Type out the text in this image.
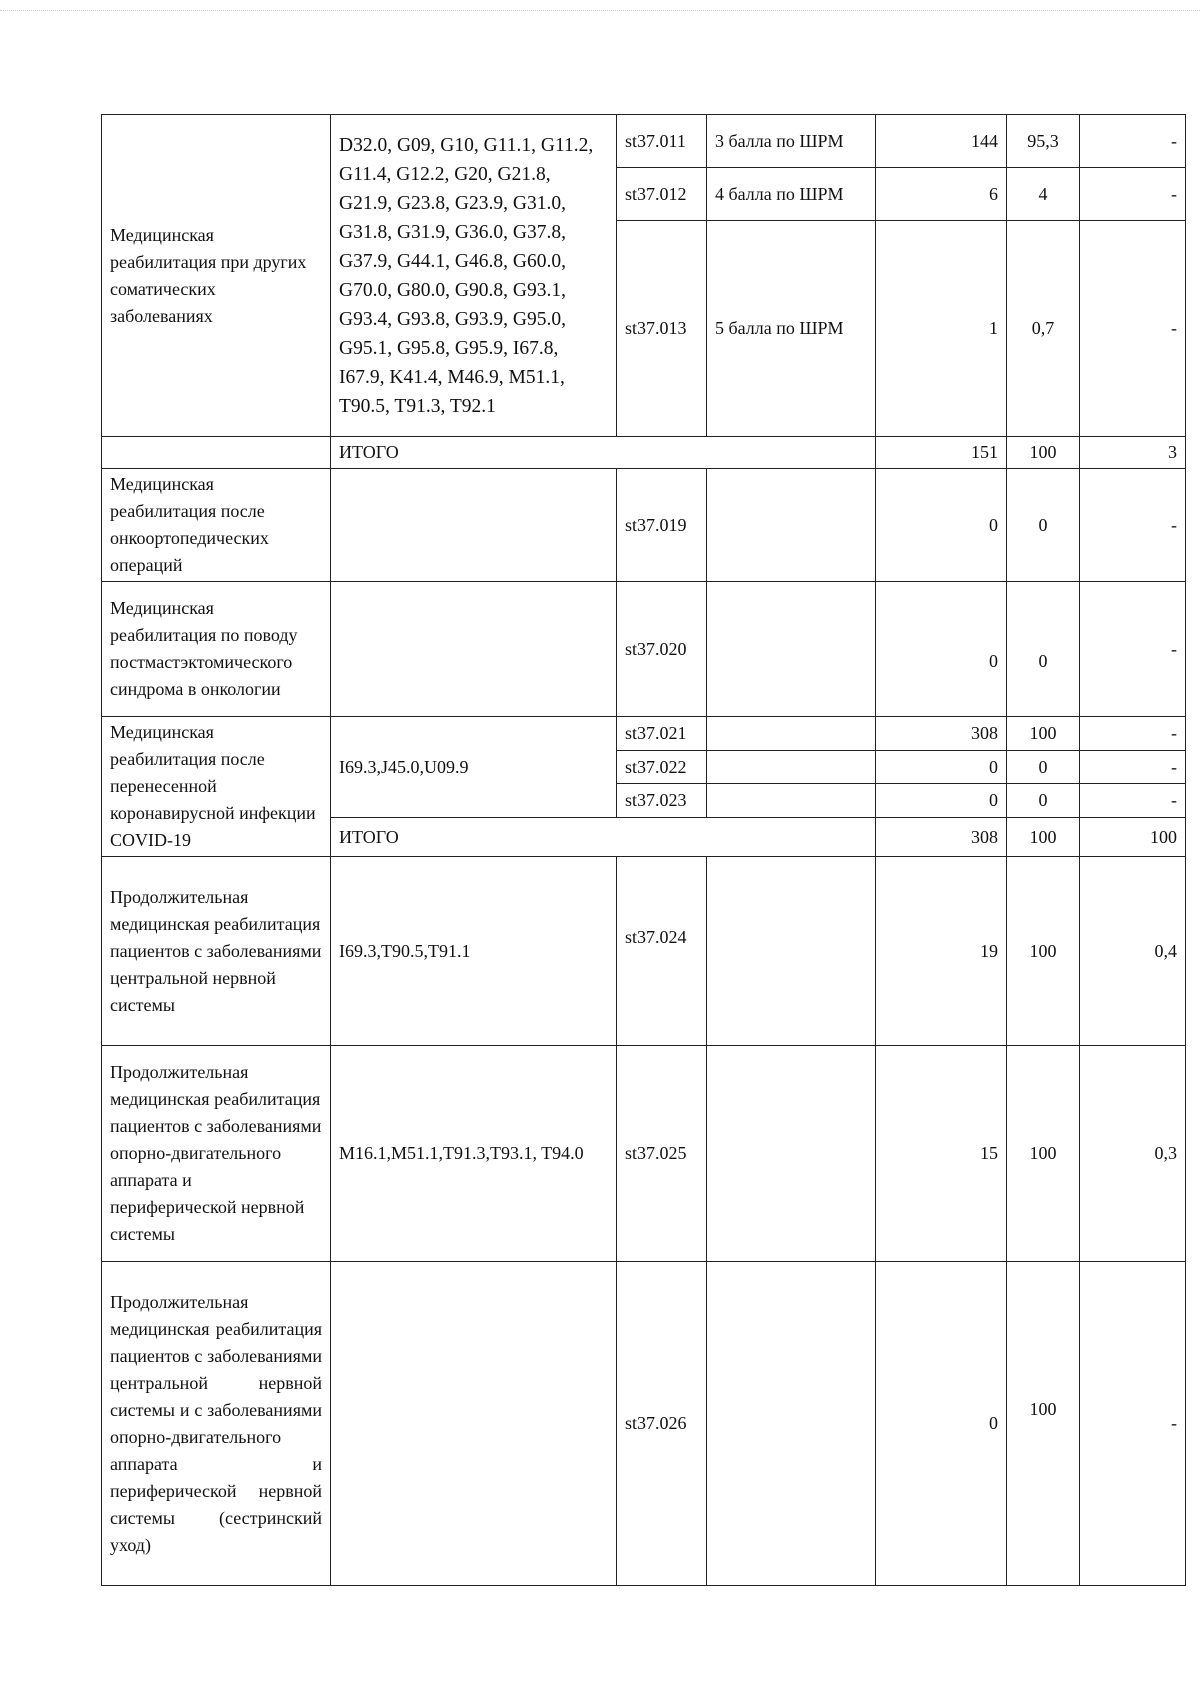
Медицинская реабилитация при других соматических заболеваниях	D32.0, G09, G10, G11.1, G11.2, G11.4, G12.2, G20, G21.8, G21.9, G23.8, G23.9, G31.0, G31.8, G31.9, G36.0, G37.8, G37.9, G44.1, G46.8, G60.0, G70.0, G80.0, G90.8, G93.1, G93.4, G93.8, G93.9, G95.0, G95.1, G95.8, G95.9, I67.8, I67.9, K41.4, M46.9, M51.1, T90.5, T91.3, T92.1	st37.011	3 балла по ШРМ	144	95,3	-
		st37.012	4 балла по ШРМ	6	4	-
		st37.013	5 балла по ШРМ	1	0,7	-
	ИТОГО			151	100	3
Медицинская реабилитация после онкоортопедических операций		st37.019		0	0	-
Медицинская реабилитация по поводу постмастэктомического синдрома в онкологии		st37.020		0	0	-
Медицинская реабилитация после перенесенной коронавирусной инфекции COVID-19	I69.3,J45.0,U09.9	st37.021		308	100	-
		st37.022		0	0	-
		st37.023		0	0	-
	ИТОГО			308	100	100
Продолжительная медицинская реабилитация пациентов с заболеваниями центральной нервной системы	I69.3,T90.5,T91.1	st37.024		19	100	0,4
Продолжительная медицинская реабилитация пациентов с заболеваниями опорно-двигательного аппарата и периферической нервной системы	M16.1,M51.1,T91.3,T93.1, T94.0	st37.025		15	100	0,3
Продолжительная медицинская реабилитация пациентов с заболеваниями центральной нервной системы и с заболеваниями опорно-двигательного аппарата и периферической нервной системы (сестринский уход)		st37.026		0	100	-
